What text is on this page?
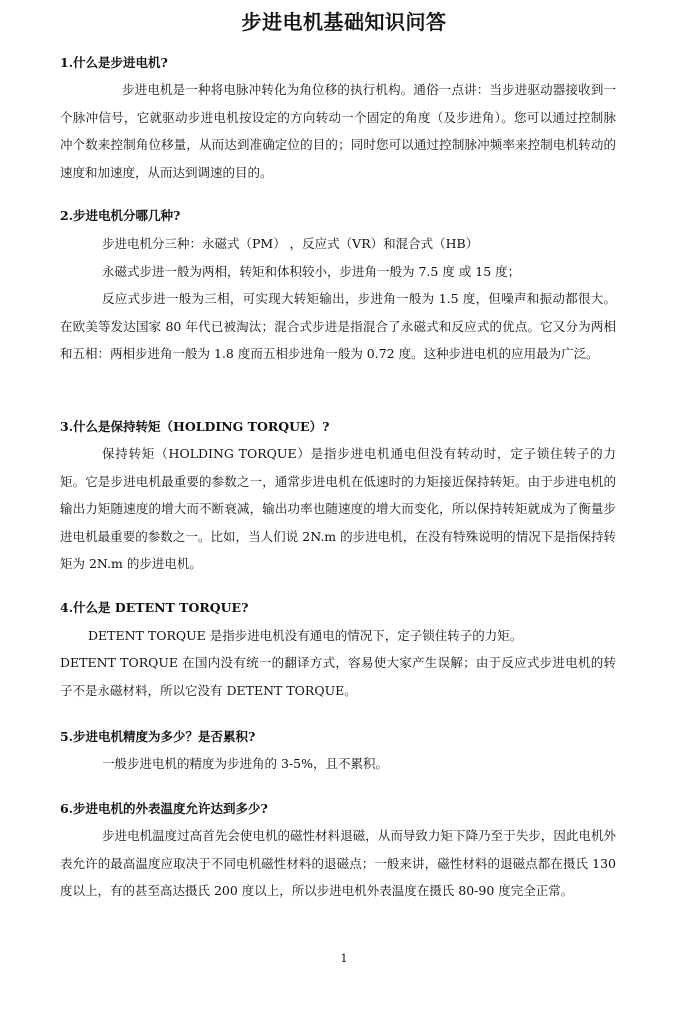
步进电机基础知识问答
1.什么是步进电机?
步进电机是一种将电脉冲转化为角位移的执行机构。通俗一点讲：当步进驱动器接收到一个脉冲信号，它就驱动步进电机按设定的方向转动一个固定的角度（及步进角）。您可以通过控制脉冲个数来控制角位移量，从而达到准确定位的目的；同时您可以通过控制脉冲频率来控制电机转动的速度和加速度，从而达到调速的目的。
2.步进电机分哪几种?
步进电机分三种：永磁式（PM） ，反应式（VR）和混合式（HB）
永磁式步进一般为两相，转矩和体积较小，步进角一般为 7.5 度 或 15 度；
反应式步进一般为三相，可实现大转矩输出，步进角一般为 1.5 度，但噪声和振动都很大。在欧美等发达国家 80 年代已被淘汰；混合式步进是指混合了永磁式和反应式的优点。它又分为两相和五相：两相步进角一般为 1.8 度而五相步进角一般为 0.72 度。这种步进电机的应用最为广泛。
3.什么是保持转矩（HOLDING TORQUE）?
保持转矩（HOLDING TORQUE）是指步进电机通电但没有转动时，定子锁住转子的力矩。它是步进电机最重要的参数之一，通常步进电机在低速时的力矩接近保持转矩。由于步进电机的输出力矩随速度的增大而不断衰减，输出功率也随速度的增大而变化，所以保持转矩就成为了衡量步进电机最重要的参数之一。比如，当人们说 2N.m 的步进电机，在没有特殊说明的情况下是指保持转矩为 2N.m 的步进电机。
4.什么是 DETENT TORQUE?
DETENT TORQUE 是指步进电机没有通电的情况下，定子锁住转子的力矩。
DETENT TORQUE 在国内没有统一的翻译方式，容易使大家产生误解；由于反应式步进电机的转子不是永磁材料，所以它没有 DETENT TORQUE。
5.步进电机精度为多少？是否累积?
一般步进电机的精度为步进角的 3-5%，且不累积。
6.步进电机的外表温度允许达到多少?
步进电机温度过高首先会使电机的磁性材料退磁，从而导致力矩下降乃至于失步，因此电机外表允许的最高温度应取决于不同电机磁性材料的退磁点；一般来讲，磁性材料的退磁点都在摄氏 130 度以上，有的甚至高达摄氏 200 度以上，所以步进电机外表温度在摄氏 80-90 度完全正常。
1
